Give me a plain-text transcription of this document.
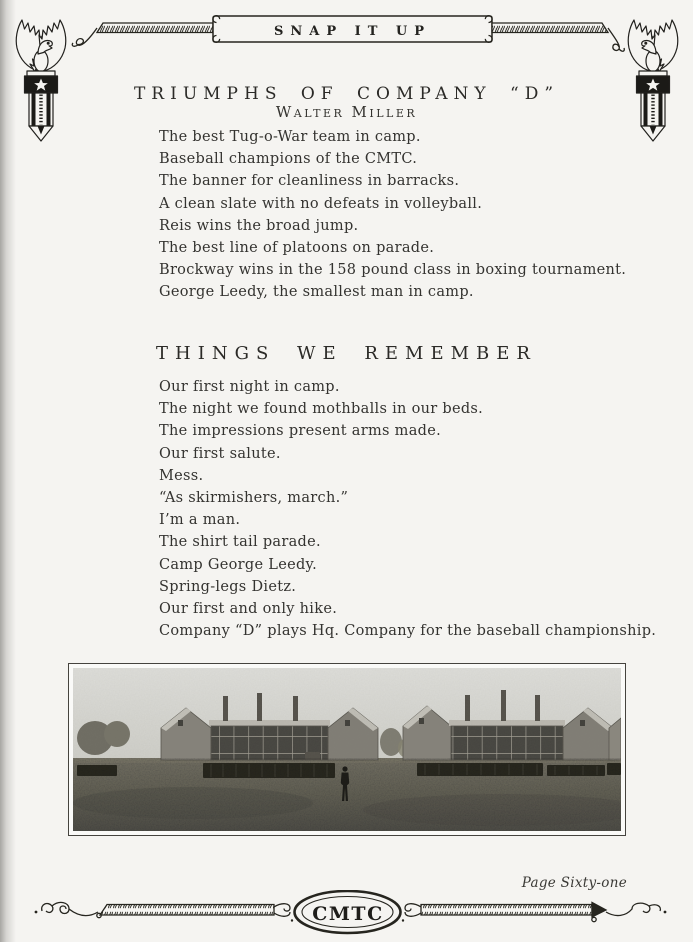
SNAP IT UP
TRIUMPHS OF COMPANY “D”
Walter Miller
The best Tug-o-War team in camp.
Baseball champions of the CMTC.
The banner for cleanliness in barracks.
A clean slate with no defeats in volleyball.
Reis wins the broad jump.
The best line of platoons on parade.
Brockway wins in the 158 pound class in boxing tournament.
George Leedy, the smallest man in camp.
THINGS WE REMEMBER
Our first night in camp.
The night we found mothballs in our beds.
The impressions present arms made.
Our first salute.
Mess.
“As skirmishers, march.”
I’m a man.
The shirt tail parade.
Camp George Leedy.
Spring-legs Dietz.
Our first and only hike.
Company “D” plays Hq. Company for the baseball championship.
Page Sixty-one
CMTC
